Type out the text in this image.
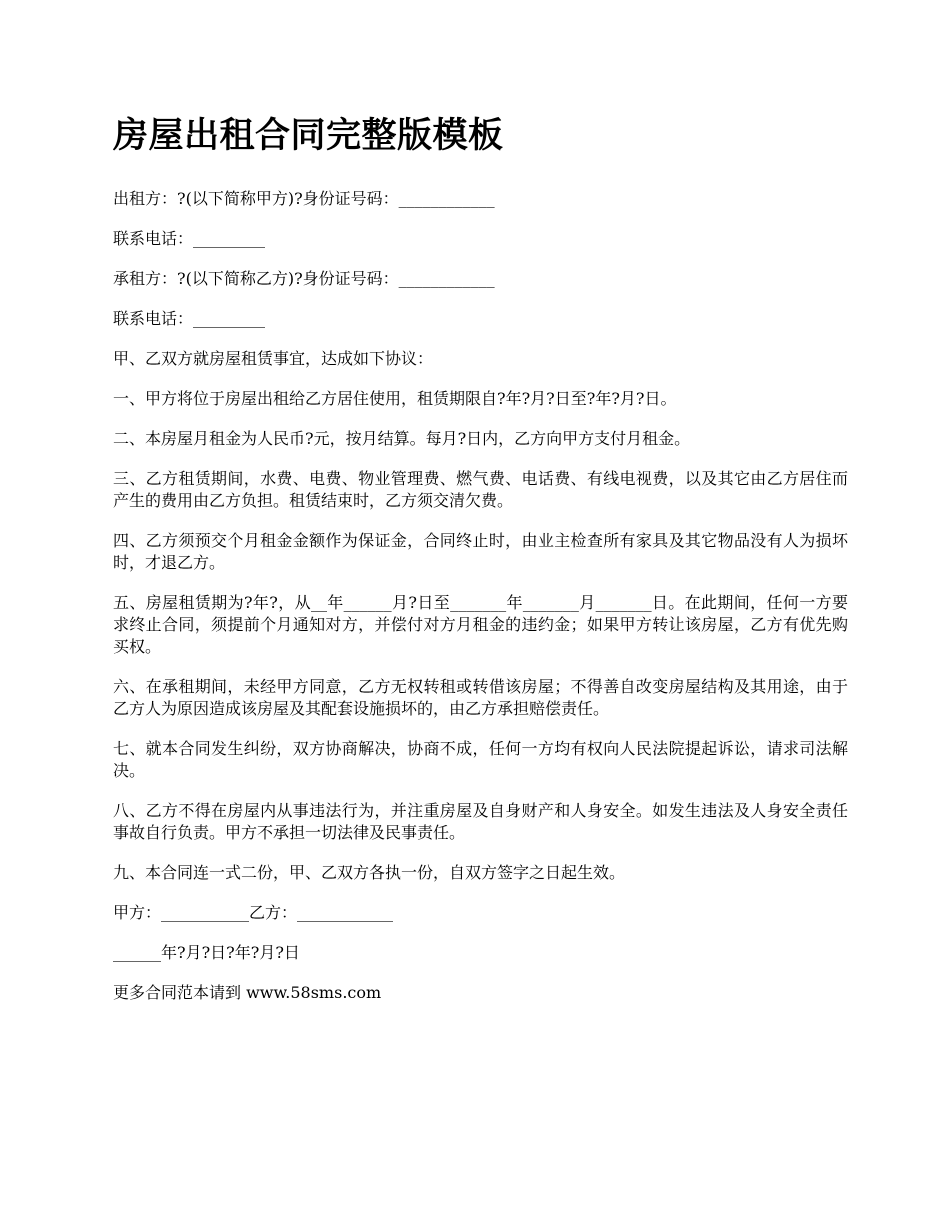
房屋出租合同完整版模板

出租方：?(以下简称甲方)?身份证号码：____________

联系电话：_________

承租方：?(以下简称乙方)?身份证号码：____________

联系电话：_________

甲、乙双方就房屋租赁事宜，达成如下协议：

一、甲方将位于房屋出租给乙方居住使用，租赁期限自?年?月?日至?年?月?日。

二、本房屋月租金为人民币?元，按月结算。每月?日内，乙方向甲方支付月租金。

三、乙方租赁期间，水费、电费、物业管理费、燃气费、电话费、有线电视费，以及其它由乙方居住而产生的费用由乙方负担。租赁结束时，乙方须交清欠费。

四、乙方须预交个月租金金额作为保证金，合同终止时，由业主检查所有家具及其它物品没有人为损坏时，才退乙方。

五、房屋租赁期为?年?，从__年______月?日至_______年_______月_______日。在此期间，任何一方要求终止合同，须提前个月通知对方，并偿付对方月租金的违约金；如果甲方转让该房屋，乙方有优先购买权。

六、在承租期间，未经甲方同意，乙方无权转租或转借该房屋；不得善自改变房屋结构及其用途，由于乙方人为原因造成该房屋及其配套设施损坏的，由乙方承担赔偿责任。

七、就本合同发生纠纷，双方协商解决，协商不成，任何一方均有权向人民法院提起诉讼，请求司法解决。

八、乙方不得在房屋内从事违法行为，并注重房屋及自身财产和人身安全。如发生违法及人身安全责任事故自行负责。甲方不承担一切法律及民事责任。

九、本合同连一式二份，甲、乙双方各执一份，自双方签字之日起生效。

甲方：___________乙方：____________

______年?月?日?年?月?日

更多合同范本请到 www.58sms.com
